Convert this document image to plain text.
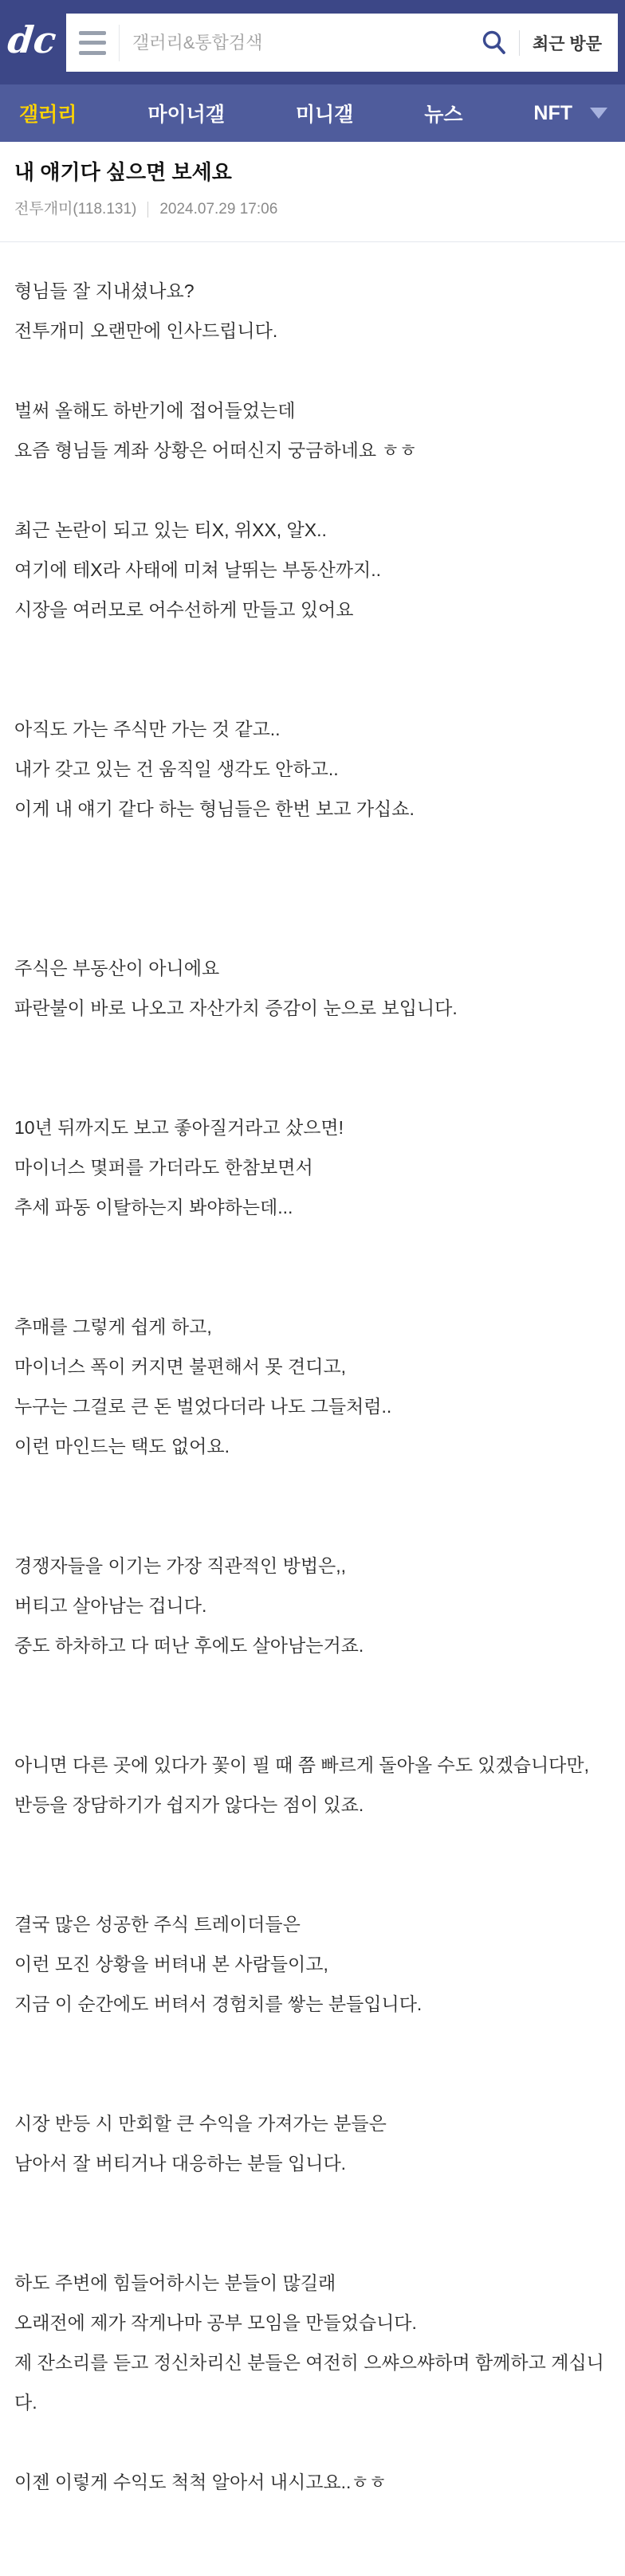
dc
갤러리&통합검색	최근 방문
갤러리	마이너갤	미니갤	뉴스	NFT
내 얘기다 싶으면 보세요
전투개미(118.131) 2024.07.29 17:06

형님들 잘 지내셨나요?

전투개미 오랜만에 인사드립니다.

벌써 올해도 하반기에 접어들었는데

요즘 형님들 계좌 상황은 어떠신지 궁금하네요 ㅎㅎ

최근 논란이 되고 있는 티X, 위XX, 알X..

여기에 테X라 사태에 미쳐 날뛰는 부동산까지..

시장을 여러모로 어수선하게 만들고 있어요

아직도 가는 주식만 가는 것 같고..

내가 갖고 있는 건 움직일 생각도 안하고..

이게 내 얘기 같다 하는 형님들은 한번 보고 가십쇼.

주식은 부동산이 아니에요

파란불이 바로 나오고 자산가치 증감이 눈으로 보입니다.

10년 뒤까지도 보고 좋아질거라고 샀으면!

마이너스 몇퍼를 가더라도 한참보면서

추세 파동 이탈하는지 봐야하는데...

추매를 그렇게 쉽게 하고,

마이너스 폭이 커지면 불편해서 못 견디고,

누구는 그걸로 큰 돈 벌었다더라 나도 그들처럼..

이런 마인드는 택도 없어요.

경쟁자들을 이기는 가장 직관적인 방법은,,

버티고 살아남는 겁니다.

중도 하차하고 다 떠난 후에도 살아남는거죠.

아니면 다른 곳에 있다가 꽃이 필 때 쯤 빠르게 돌아올 수도 있겠습니다만,

반등을 장담하기가 쉽지가 않다는 점이 있죠.

결국 많은 성공한 주식 트레이더들은

이런 모진 상황을 버텨내 본 사람들이고,

지금 이 순간에도 버텨서 경험치를 쌓는 분들입니다.

시장 반등 시 만회할 큰 수익을 가져가는 분들은

남아서 잘 버티거나 대응하는 분들 입니다.

하도 주변에 힘들어하시는 분들이 많길래

오래전에 제가 작게나마 공부 모임을 만들었습니다.

제 잔소리를 듣고 정신차리신 분들은 여전히 으쌰으쌰하며 함께하고 계십니다.

이젠 이렇게 수익도 척척 알아서 내시고요..ㅎㅎ
